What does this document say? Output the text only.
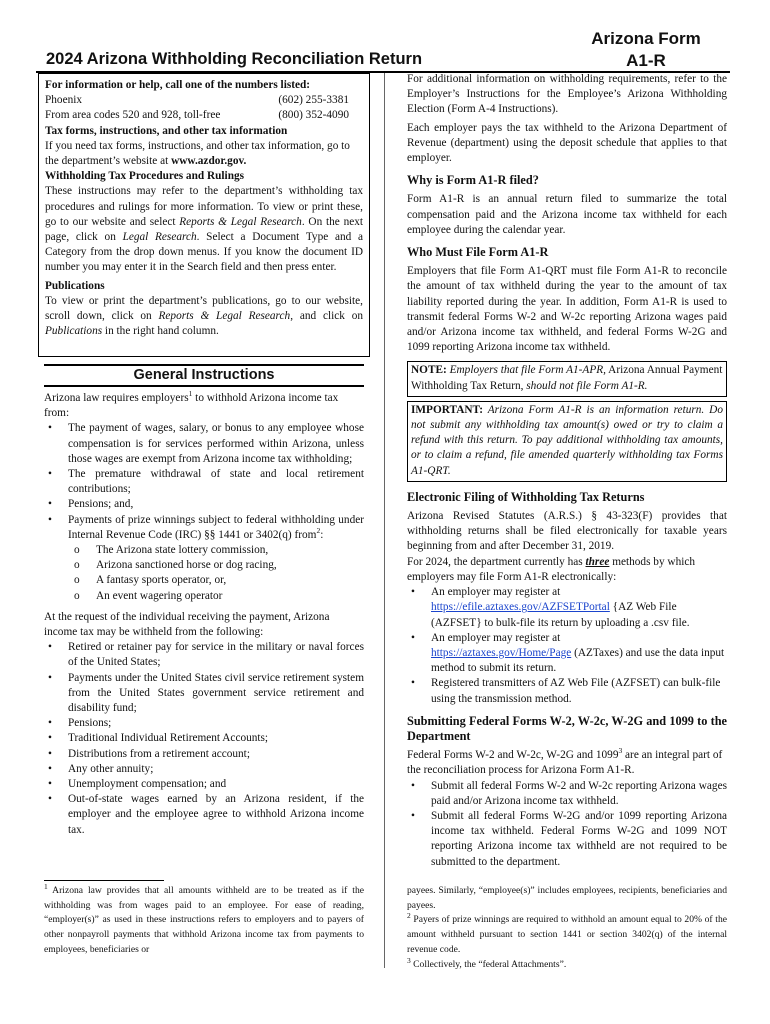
2024 Arizona Withholding Reconciliation Return
Arizona Form
A1-R

For information or help, call one of the numbers listed:

Phoenix	(602) 255-3381
From area codes 520 and 928, toll-free	(800) 352-4090

Tax forms, instructions, and other tax information

If you need tax forms, instructions, and other tax information, go to the department’s website at www.azdor.gov.

Withholding Tax Procedures and Rulings

These instructions may refer to the department’s withholding tax procedures and rulings for more information. To view or print these, go to our website and select Reports & Legal Research. On the next page, click on Legal Research. Select a Document Type and a Category from the drop down menus. If you know the document ID number you may enter it in the Search field and then press enter.

Publications

To view or print the department’s publications, go to our website, scroll down, click on Reports & Legal Research, and click on Publications in the right hand column.

General Instructions

Arizona law requires employers$^1$ to withhold Arizona income tax from:

• The payment of wages, salary, or bonus to any employee whose compensation is for services performed within Arizona, unless those wages are exempt from Arizona income tax withholding;
• The premature withdrawal of state and local retirement contributions;
• Pensions; and,
• Payments of prize winnings subject to federal withholding under Internal Revenue Code (IRC) §§ 1441 or 3402(q) from$^2$:
o The Arizona state lottery commission,
o Arizona sanctioned horse or dog racing,
o A fantasy sports operator, or,
o An event wagering operator

At the request of the individual receiving the payment, Arizona income tax may be withheld from the following:

• Retired or retainer pay for service in the military or naval forces of the United States;
• Payments under the United States civil service retirement system from the United States government service retirement and disability fund;
• Pensions;
• Traditional Individual Retirement Accounts;
• Distributions from a retirement account;
• Any other annuity;
• Unemployment compensation; and
• Out-of-state wages earned by an Arizona resident, if the employer and the employee agree to withhold Arizona income tax.

For additional information on withholding requirements, refer to the Employer’s Instructions for the Employee’s Arizona Withholding Election (Form A-4 Instructions).

Each employer pays the tax withheld to the Arizona Department of Revenue (department) using the deposit schedule that applies to that employer.

Why is Form A1-R filed?

Form A1-R is an annual return filed to summarize the total compensation paid and the Arizona income tax withheld for each employee during the calendar year.

Who Must File Form A1-R

Employers that file Form A1-QRT must file Form A1-R to reconcile the amount of tax withheld during the year to the amount of tax liability reported during the year. In addition, Form A1-R is used to transmit federal Forms W-2 and W-2c reporting Arizona wages paid and/or Arizona income tax withheld, and federal Forms W-2G and 1099 reporting Arizona income tax withheld.

NOTE: Employers that file Form A1-APR, Arizona Annual Payment Withholding Tax Return, should not file Form A1-R.
IMPORTANT: Arizona Form A1-R is an information return. Do not submit any withholding tax amount(s) owed or try to claim a refund with this return. To pay additional withholding tax amounts, or to claim a refund, file amended quarterly withholding tax Forms A1-QRT.

Electronic Filing of Withholding Tax Returns

Arizona Revised Statutes (A.R.S.) § 43-323(F) provides that withholding returns shall be filed electronically for taxable years beginning from and after December 31, 2019.

For 2024, the department currently has three methods by which employers may file Form A1-R electronically:

• An employer may register at
https://efile.aztaxes.gov/AZFSETPortal {AZ Web File (AZFSET} to bulk-file its return by uploading a .csv file.
• An employer may register at
https://aztaxes.gov/Home/Page (AZTaxes) and use the data input method to submit its return.
• Registered transmitters of AZ Web File (AZFSET) can bulk-file using the transmission method.

Submitting Federal Forms W-2, W-2c, W-2G and 1099 to the Department

Federal Forms W-2 and W-2c, W-2G and 1099$^3$ are an integral part of the reconciliation process for Arizona Form A1-R.

• Submit all federal Forms W-2 and W-2c reporting Arizona wages paid and/or Arizona income tax withheld.
• Submit all federal Forms W-2G and/or 1099 reporting Arizona income tax withheld. Federal Forms W-2G and 1099 NOT reporting Arizona income tax withheld are not required to be submitted to the department.
$^1$ Arizona law provides that all amounts withheld are to be treated as if the withholding was from wages paid to an employee. For ease of reading, “employer(s)” as used in these instructions refers to employers and to payers of other nonpayroll payments that withhold Arizona income tax from payments to employees, beneficiaries or

payees. Similarly, “employee(s)” includes employees, recipients, beneficiaries and payees.

$^2$ Payers of prize winnings are required to withhold an amount equal to 20% of the amount withheld pursuant to section 1441 or section 3402(q) of the internal revenue code.

$^3$ Collectively, the “federal Attachments”.
